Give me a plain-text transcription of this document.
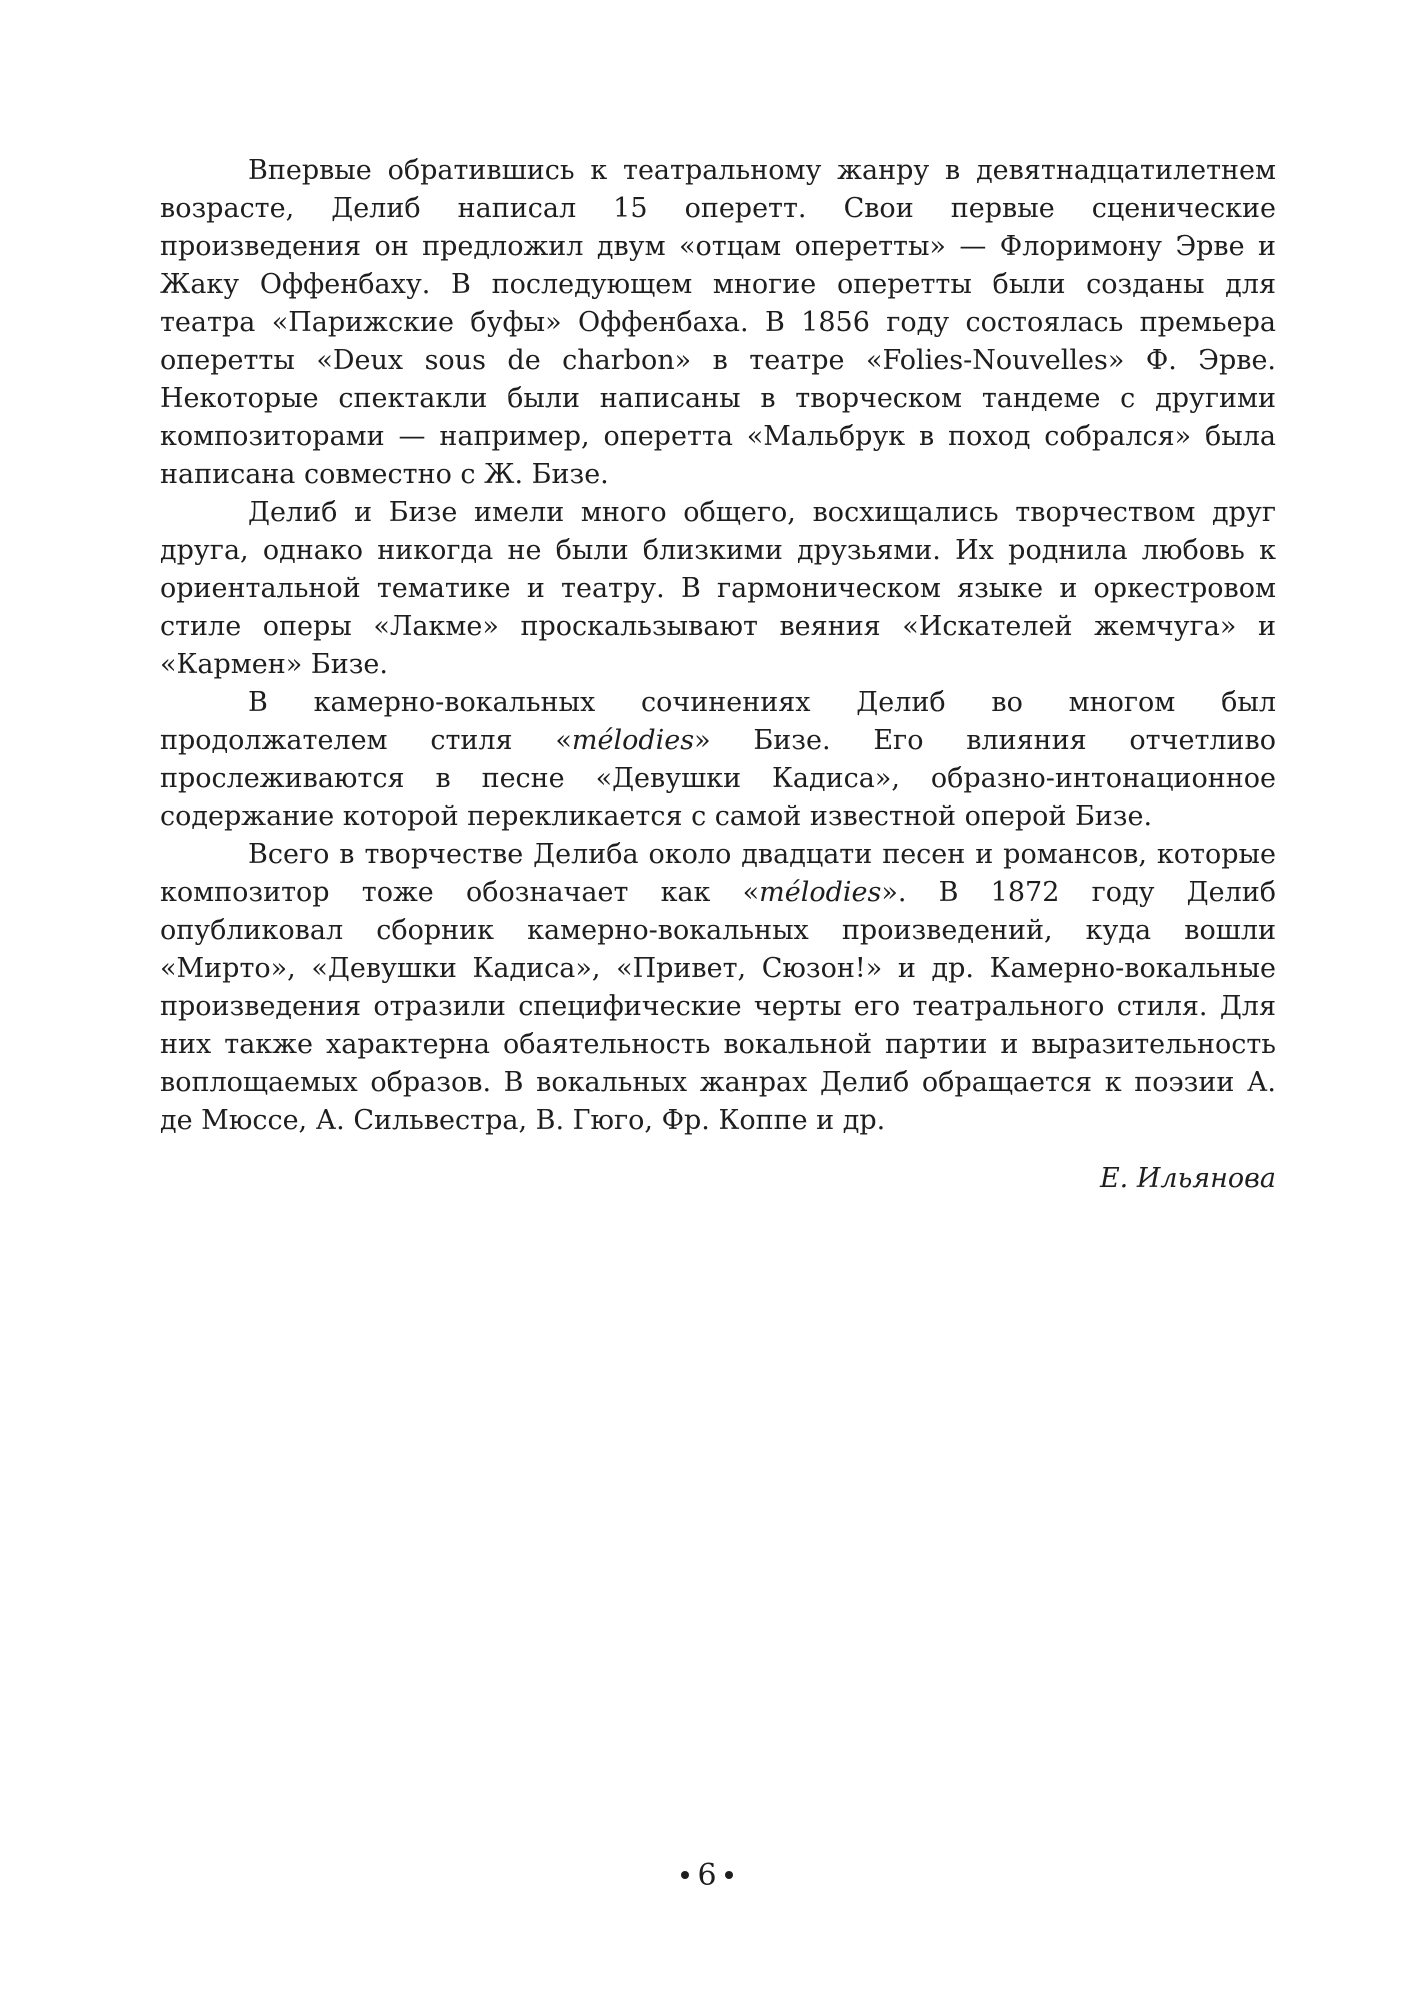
Впервые обратившись к театральному жанру в девятнадцатилетнем возрасте, Делиб написал 15 оперетт. Свои первые сценические произведения он предложил двум «отцам оперетты» — Флоримону Эрве и Жаку Оффенбаху. В последующем многие оперетты были созданы для театра «Парижские буфы» Оффенбаха. В 1856 году состоялась премьера оперетты «Deux sous de charbon» в театре «Folies-Nouvelles» Ф. Эрве. Некоторые спектакли были написаны в творческом тандеме с другими композиторами — например, оперетта «Мальбрук в поход собрался» была написана совместно с Ж. Бизе.

Делиб и Бизе имели много общего, восхищались творчеством друг друга, однако никогда не были близкими друзьями. Их роднила любовь к ориентальной тематике и театру. В гармоническом языке и оркестровом стиле оперы «Лакме» проскальзывают веяния «Искателей жемчуга» и «Кармен» Бизе.

В камерно-вокальных сочинениях Делиб во многом был продолжателем стиля «mélodies» Бизе. Его влияния отчетливо прослеживаются в песне «Девушки Кадиса», образно-интонационное содержание которой перекликается с самой известной оперой Бизе.

Всего в творчестве Делиба около двадцати песен и романсов, которые композитор тоже обозначает как «mélodies». В 1872 году Делиб опубликовал сборник камерно-вокальных произведений, куда вошли «Мирто», «Девушки Кадиса», «Привет, Сюзон!» и др. Камерно-вокальные произведения отразили специфические черты его театрального стиля. Для них также характерна обаятельность вокальной партии и выразительность воплощаемых образов. В вокальных жанрах Делиб обращается к поэзии А. де Мюссе, А. Сильвестра, В. Гюго, Фр. Коппе и др.

Е. Ильянова

6
